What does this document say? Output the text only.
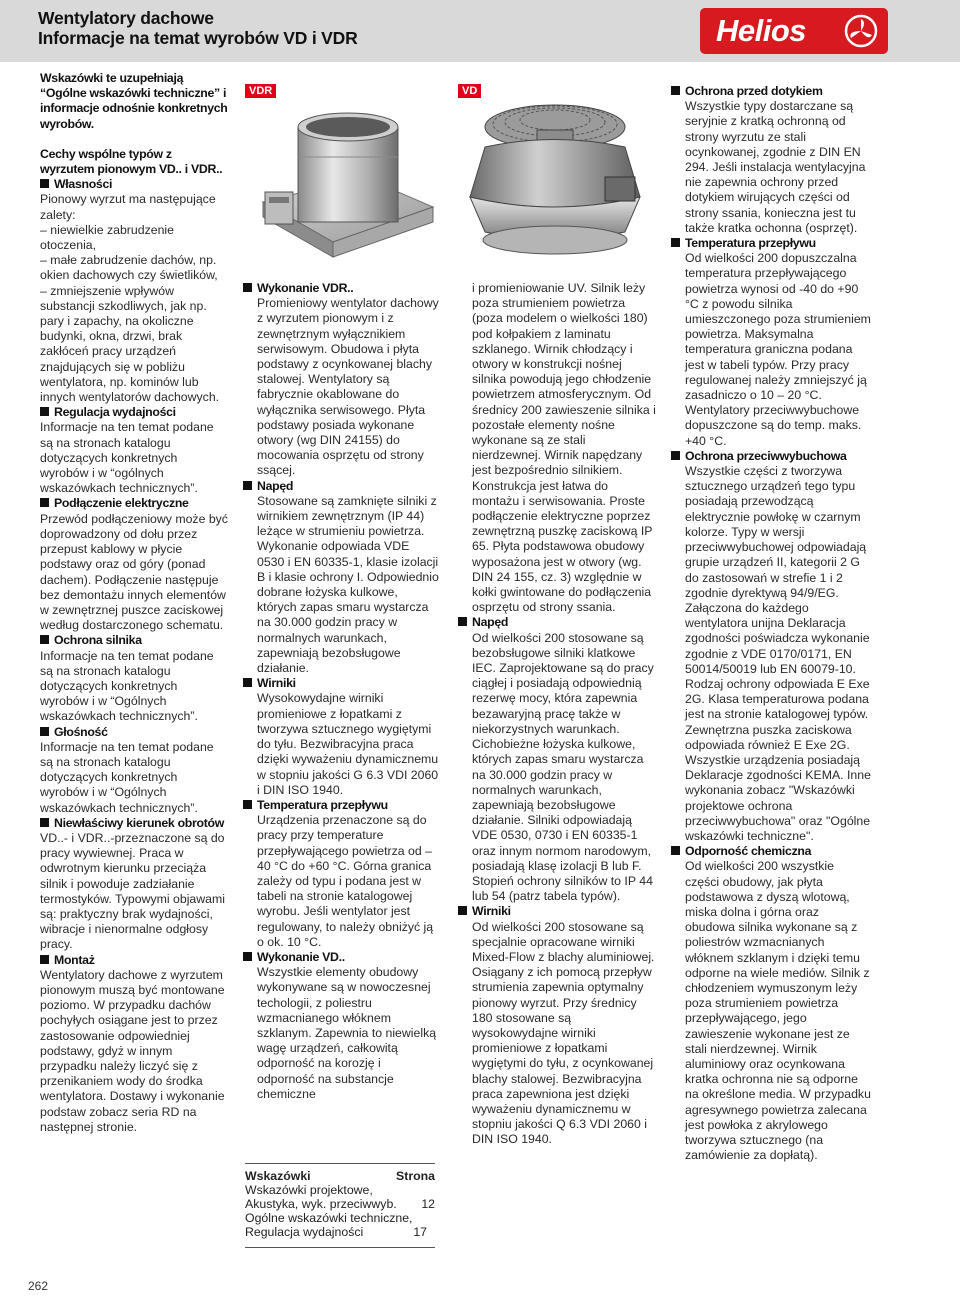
Wentylatory dachowe
Informacje na temat wyrobów VD i VDR	Helios

Wskazówki te uzupełniają “Ogólne wskazówki techniczne” i informacje odnośnie konkretnych wyrobów.

Cechy wspólne typów z wyrzutem pionowym VD.. i VDR..

Własności

Pionowy wyrzut ma następujące zalety:
– niewielkie zabrudzenie otoczenia,
– małe zabrudzenie dachów, np. okien dachowych czy świetlików,
– zmniejszenie wpływów substancji szkodliwych, jak np. pary i zapachy, na okoliczne budynki, okna, drzwi, brak zakłóceń pracy urządzeń znajdujących się w pobliżu wentylatora, np. kominów lub innych wentylatorów dachowych.

Regulacja wydajności

Informacje na ten temat podane są na stronach katalogu dotyczących konkretnych wyrobów i w “ogólnych wskazówkach technicznych”.

Podłączenie elektryczne

Przewód podłączeniowy może być doprowadzony od dołu przez przepust kablowy w płycie podstawy oraz od góry (ponad dachem). Podłączenie następuje bez demontażu innych elementów w zewnętrznej puszce zaciskowej według dostarczonego schematu.

Ochrona silnika

Informacje na ten temat podane są na stronach katalogu dotyczących konkretnych wyrobów i w “Ogólnych wskazówkach technicznych”.

Głośność

Informacje na ten temat podane są na stronach katalogu dotyczących konkretnych wyrobów i w “Ogólnych wskazówkach technicznych”.

Niewłaściwy kierunek obrotów

VD..- i VDR..-przeznaczone są do pracy wywiewnej. Praca w odwrotnym kierunku przeciąża silnik i powoduje zadziałanie termostyków. Typowymi objawami są: praktyczny brak wydajności, wibracje i nienormalne odgłosy pracy.

Montaż

Wentylatory dachowe z wyrzutem pionowym muszą być montowane poziomo. W przypadku dachów pochyłych osiągane jest to przez zastosowanie odpowiedniej podstawy, gdyż w innym przypadku należy liczyć się z przenikaniem wody do środka wentylatora. Dostawy i wykonanie podstaw zobacz seria RD na następnej stronie.

VDR	VD

Wykonanie VDR..

Promieniowy wentylator dachowy z wyrzutem pionowym i z zewnętrznym wyłącznikiem serwisowym. Obudowa i płyta podstawy z ocynkowanej blachy stalowej. Wentylatory są fabrycznie okablowane do wyłącznika serwisowego. Płyta podstawy posiada wykonane otwory (wg DIN 24155) do mocowania osprzętu od strony ssącej.

Napęd

Stosowane są zamknięte silniki z wirnikiem zewnętrznym (IP 44) leżące w strumieniu powietrza. Wykonanie odpowiada VDE 0530 i EN 60335-1, klasie izolacji B i klasie ochrony I. Odpowiednio dobrane łożyska kulkowe, których zapas smaru wystarcza na 30.000 godzin pracy w normalnych warunkach, zapewniają bezobsługowe działanie.

Wirniki

Wysokowydajne wirniki promieniowe z łopatkami z tworzywa sztucznego wygiętymi do tyłu. Bezwibracyjna praca dzięki wyważeniu dynamicznemu w stopniu jakości G 6.3 VDI 2060 i DIN ISO 1940.

Temperatura przepływu

Urządzenia przenaczone są do pracy przy temperature przepływającego powietrza od –40 °C do +60 °C. Górna granica zależy od typu i podana jest w tabeli na stronie katalogowej wyrobu. Jeśli wentylator jest regulowany, to należy obniżyć ją o ok. 10 °C.

Wykonanie VD..

Wszystkie elementy obudowy wykonywane są w nowoczesnej techologii, z poliestru wzmacnianego włóknem szklanym. Zapewnia to niewielką wagę urządzeń, całkowitą odporność na korozję i odporność na substancje chemiczne

Wskazówki	Strona
Wskazówki projektowe,
Akustyka, wyk. przeciwwyb. 12
Ogólne wskazówki techniczne,
Regulacja wydajności	17

i promieniowanie UV. Silnik leży poza strumieniem powietrza (poza modelem o wielkości 180) pod kołpakiem z laminatu szklanego. Wirnik chłodzący i otwory w konstrukcji nośnej silnika powodują jego chłodzenie powietrzem atmosferycznym. Od średnicy 200 zawieszenie silnika i pozostałe elementy nośne wykonane są ze stali nierdzewnej. Wirnik napędzany jest bezpośrednio silnikiem. Konstrukcja jest łatwa do montażu i serwisowania. Proste podłączenie elektryczne poprzez zewnętrzną puszkę zaciskową IP 65. Płyta podstawowa obudowy wyposażona jest w otwory (wg. DIN 24 155, cz. 3) względnie w kołki gwintowane do podłączenia osprzętu od strony ssania.

Napęd

Od wielkości 200 stosowane są bezobsługowe silniki klatkowe IEC. Zaprojektowane są do pracy ciągłej i posiadają odpowiednią rezerwę mocy, która zapewnia bezawaryjną pracę także w niekorzystnych warunkach. Cichobieżne łożyska kulkowe, których zapas smaru wystarcza na 30.000 godzin pracy w normalnych warunkach, zapewniają bezobsługowe działanie. Silniki odpowiadają VDE 0530, 0730 i EN 60335-1 oraz innym normom narodowym, posiadają klasę izolacji B lub F. Stopień ochrony silników to IP 44 lub 54 (patrz tabela typów).

Wirniki

Od wielkości 200 stosowane są specjalnie opracowane wirniki Mixed-Flow z blachy aluminiowej. Osiągany z ich pomocą przepływ strumienia zapewnia optymalny pionowy wyrzut. Przy średnicy 180 stosowane są wysokowydajne wirniki promieniowe z łopatkami wygiętymi do tyłu, z ocynkowanej blachy stalowej. Bezwibracyjna praca zapewniona jest dzięki wyważeniu dynamicznemu w stopniu jakości Q 6.3 VDI 2060 i DIN ISO 1940.

Ochrona przed dotykiem

Wszystkie typy dostarczane są seryjnie z kratką ochronną od strony wyrzutu ze stali ocynkowanej, zgodnie z DIN EN 294. Jeśli instalacja wentylacyjna nie zapewnia ochrony przed dotykiem wirujących części od strony ssania, konieczna jest tu także kratka ochonna (osprzęt).

Temperatura przepływu

Od wielkości 200 dopuszczalna temperatura przepływającego powietrza wynosi od -40 do +90 °C z powodu silnika umieszczonego poza strumieniem powietrza. Maksymalna temperatura graniczna podana jest w tabeli typów. Przy pracy regulowanej należy zmniejszyć ją zasadniczo o 10 – 20 °C. Wentylatory przeciwwybuchowe dopuszczone są do temp. maks. +40 °C.

Ochrona przeciwwybuchowa

Wszystkie części z tworzywa sztucznego urządzeń tego typu posiadają przewodzącą elektrycznie powłokę w czarnym kolorze. Typy w wersji przeciwwybuchowej odpowiadają grupie urządzeń II, kategorii 2 G do zastosowań w strefie 1 i 2 zgodnie dyrektywą 94/9/EG. Załączona do każdego wentylatora unijna Deklaracja zgodności poświadcza wykonanie zgodnie z VDE 0170/0171, EN 50014/50019 lub EN 60079-10. Rodzaj ochrony odpowiada E Exe 2G. Klasa temperaturowa podana jest na stronie katalogowej typów. Zewnętrzna puszka zaciskowa odpowiada również E Exe 2G. Wszystkie urządzenia posiadają Deklaracje zgodności KEMA. Inne wykonania zobacz "Wskazówki projektowe ochrona przeciwwybuchowa" oraz "Ogólne wskazówki techniczne".

Odporność chemiczna

Od wielkości 200 wszystkie części obudowy, jak płyta podstawowa z dyszą wlotową, miska dolna i górna oraz obudowa silnika wykonane są z poliestrów wzmacnianych włóknem szklanym i dzięki temu odporne na wiele mediów. Silnik z chłodzeniem wymuszonym leży poza strumieniem powietrza przepływającego, jego zawieszenie wykonane jest ze stali nierdzewnej. Wirnik aluminiowy oraz ocynkowana kratka ochronna nie są odporne na określone media. W przypadku agresywnego powietrza zalecana jest powłoka z akrylowego tworzywa sztucznego (na zamówienie za dopłatą).

262
